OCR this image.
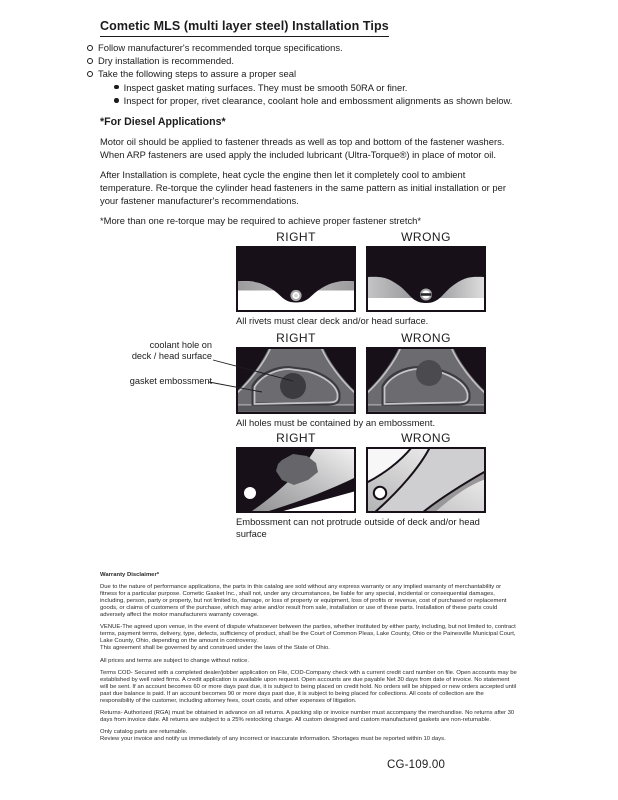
Cometic MLS (multi layer steel) Installation Tips
Follow manufacturer's recommended torque specifications.
Dry installation is recommended.
Take the following steps to assure a proper seal
Inspect gasket mating surfaces. They must be smooth 50RA or finer.
Inspect for proper, rivet clearance, coolant hole and embossment alignments as shown below.
*For Diesel Applications*
Motor oil should be applied to fastener threads as well as top and bottom of the fastener washers. When ARP fasteners are used apply the included lubricant (Ultra-Torque®) in place of motor oil.
After Installation is complete, heat cycle the engine then let it completely cool to ambient temperature. Re-torque the cylinder head fasteners in the same pattern as initial installation or per your fastener manufacturer's recommendations.
*More than one re-torque may be required to achieve proper fastener stretch*
RIGHT	WRONG
All rivets must clear deck and/or head surface.
RIGHT	WRONG
All holes must be contained by an embossment.
coolant hole on
deck / head surface
gasket embossment
RIGHT	WRONG
Embossment can not protrude outside of deck and/or head surface

Warranty Disclaimer*

Due to the nature of performance applications, the parts in this catalog are sold without any express warranty or any implied warranty of merchantability or fitness for a particular purpose. Cometic Gasket Inc., shall not, under any circumstances, be liable for any special, incidental or consequential damages, including, person, party or property, but not limited to, damage, or loss of property or equipment, loss of profits or revenue, cost of purchased or replacement goods, or claims of customers of the purchase, which may arise and/or result from sale, installation or use of these parts. Installation of these parts could adversely affect the motor manufacturers warranty coverage.

VENUE-The agreed upon venue, in the event of dispute whatsoever between the parties, whether instituted by either party, including, but not limited to, contract terms, payment terms, delivery, type, defects, sufficiency of product, shall be the Court of Common Pleas, Lake County, Ohio or the Painesville Municipal Court, Lake County, Ohio, depending on the amount in controversy.

This agreement shall be governed by and construed under the laws of the State of Ohio.

All prices and terms are subject to change without notice.

Terms COD- Secured with a completed dealer/jobber application on File, COD-Company check with a current credit card number on file. Open accounts may be established by well rated firms. A credit application is available upon request. Open accounts are due payable Net 30 days from date of invoice. No statement will be sent. If an account becomes 60 or more days past due, it is subject to being placed on credit hold. No orders will be shipped or new orders accepted until past due balance is paid. If an account becomes 90 or more days past due, it is subject to being placed for collections. All costs of collection are the responsibility of the customer, including attorney fees, court costs, and other expenses of litigation.

Returns- Authorized (RGA) must be obtained in advance on all returns. A packing slip or invoice number must accompany the merchandise. No returns after 30 days from invoice date. All returns are subject to a 25% restocking charge. All custom designed and custom manufactured gaskets are non-returnable.

Only catalog parts are returnable.

Review your invoice and notify us immediately of any incorrect or inaccurate information. Shortages must be reported within 10 days.

CG-109.00
